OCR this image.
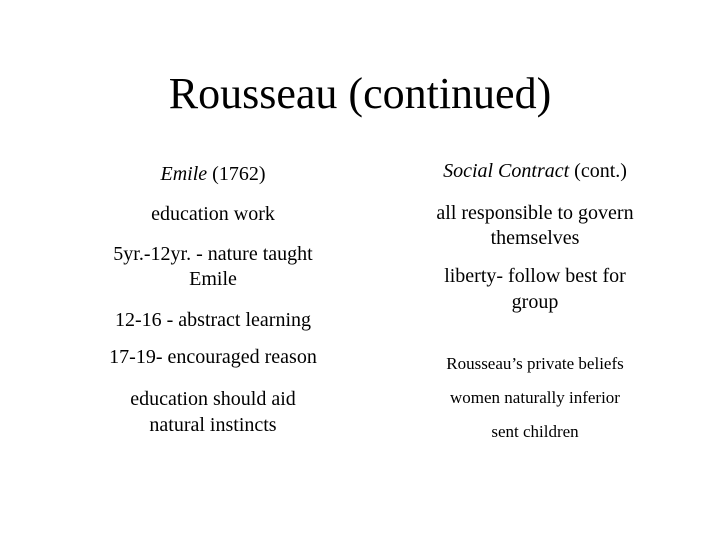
Rousseau (continued)
Emile (1762)
education work
5yr.-12yr. - nature taught
Emile
12-16 - abstract learning
17-19- encouraged reason
education should aid
natural instincts
Social Contract (cont.)
all responsible to govern
themselves
liberty- follow best for
group
Rousseau’s private beliefs
women naturally inferior
sent children
